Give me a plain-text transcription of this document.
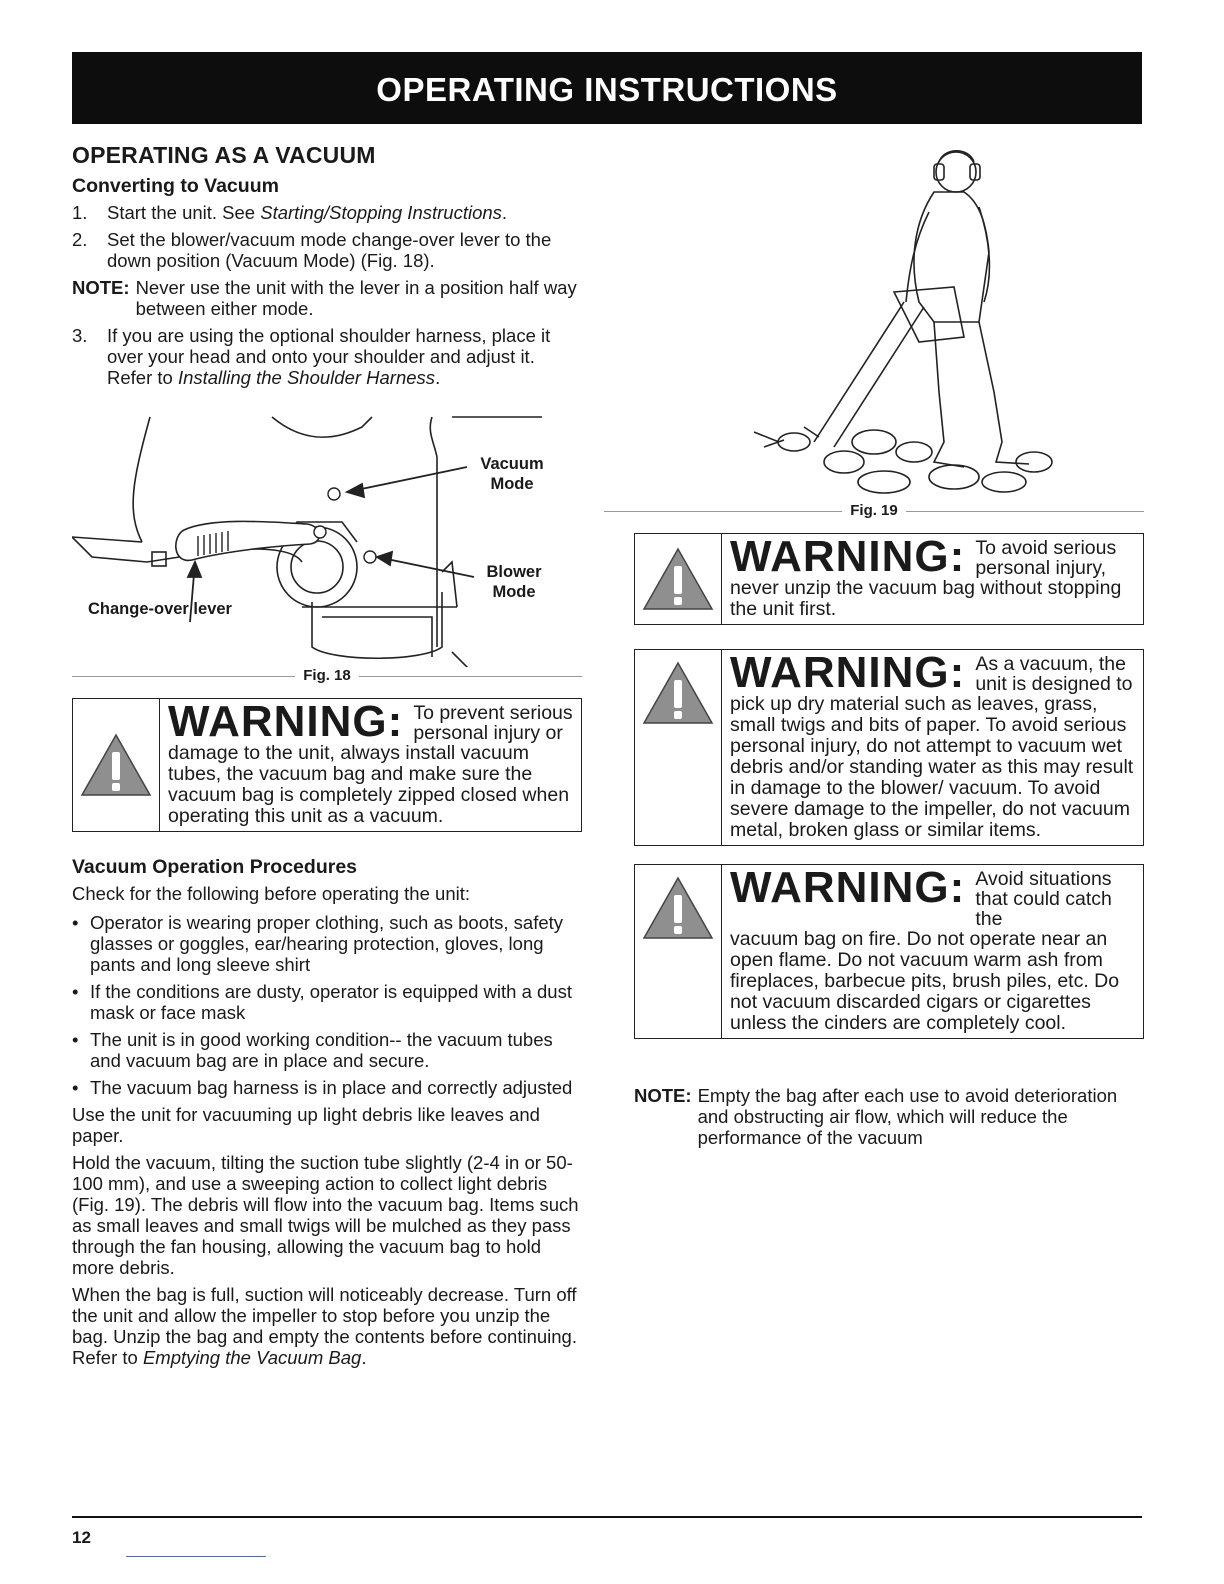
OPERATING INSTRUCTIONS
OPERATING AS A VACUUM
Converting to Vacuum
1.	Start the unit. See Starting/Stopping Instructions.
2.	Set the blower/vacuum mode change-over lever to the down position (Vacuum Mode) (Fig. 18).
NOTE: Never use the unit with the lever in a position half way between either mode.
3.	If you are using the optional shoulder harness, place it over your head and onto your shoulder and adjust it. Refer to Installing the Shoulder Harness.
Vacuum
Mode
Blower
Mode
Change-over lever
Fig. 18
WARNING: To prevent serious personal injury or
damage to the unit, always install vacuum tubes, the vacuum bag and make sure the vacuum bag is completely zipped closed when operating this unit as a vacuum.
Vacuum Operation Procedures

Check for the following before operating the unit:

• Operator is wearing proper clothing, such as boots, safety glasses or goggles, ear/hearing protection, gloves, long pants and long sleeve shirt
• If the conditions are dusty, operator is equipped with a dust mask or face mask
• The unit is in good working condition-- the vacuum tubes and vacuum bag are in place and secure.
• The vacuum bag harness is in place and correctly adjusted

Use the unit for vacuuming up light debris like leaves and paper.

Hold the vacuum, tilting the suction tube slightly (2-4 in or 50-100 mm), and use a sweeping action to collect light debris (Fig. 19). The debris will flow into the vacuum bag. Items such as small leaves and small twigs will be mulched as they pass through the fan housing, allowing the vacuum bag to hold more debris.

When the bag is full, suction will noticeably decrease. Turn off the unit and allow the impeller to stop before you unzip the bag. Unzip the bag and empty the contents before continuing. Refer to Emptying the Vacuum Bag.

Fig. 19
WARNING: To avoid serious personal injury,
never unzip the vacuum bag without stopping the unit first.
WARNING: As a vacuum, the unit is designed to
pick up dry material such as leaves, grass, small twigs and bits of paper. To avoid serious personal injury, do not attempt to vacuum wet debris and/or standing water as this may result in damage to the blower/ vacuum. To avoid severe damage to the impeller, do not vacuum metal, broken glass or similar items.
WARNING: Avoid situations that could catch the
vacuum bag on fire. Do not operate near an open flame. Do not vacuum warm ash from fireplaces, barbecue pits, brush piles, etc. Do not vacuum discarded cigars or cigarettes unless the cinders are completely cool.
NOTE: Empty the bag after each use to avoid deterioration and obstructing air flow, which will reduce the performance of the vacuum
12
